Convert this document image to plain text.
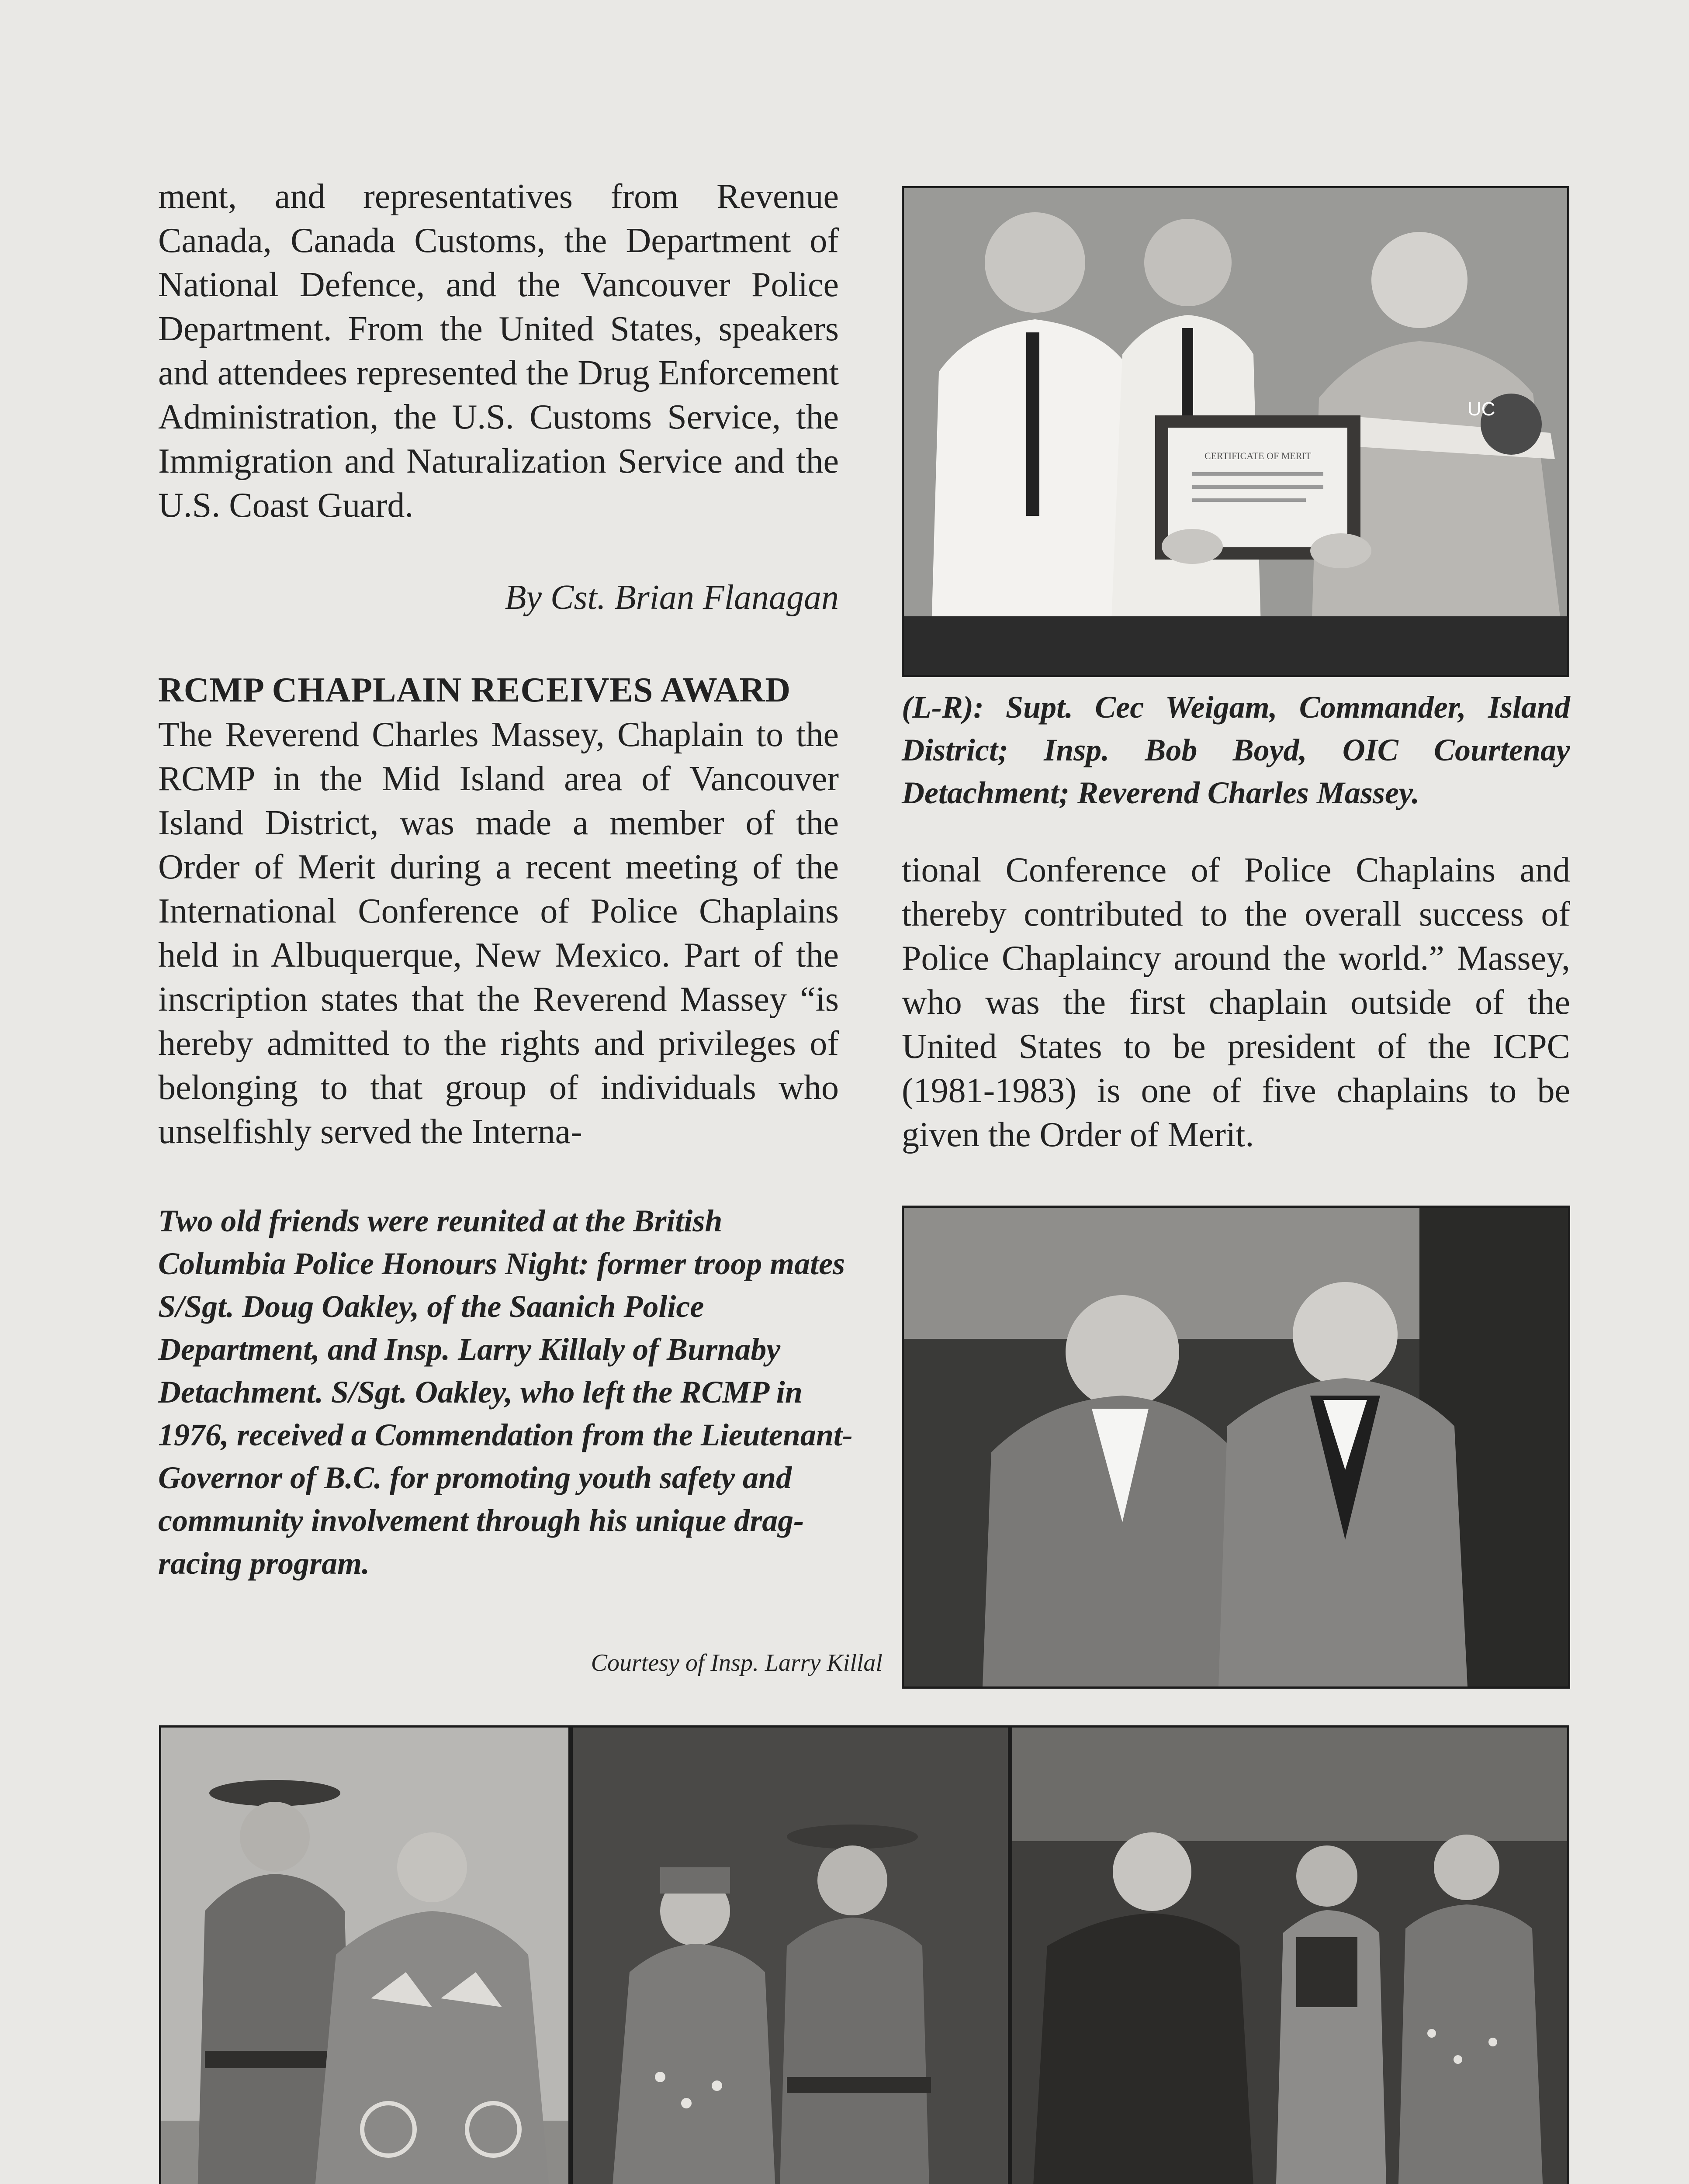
ment, and representatives from Revenue Canada, Canada Customs, the Department of National Defence, and the Vancouver Police Department. From the United States, speakers and attendees represented the Drug Enforcement Administration, the U.S. Customs Service, the Immigration and Naturalization Service and the U.S. Coast Guard.
By Cst. Brian Flanagan
RCMP CHAPLAIN RECEIVES AWARD
The Reverend Charles Massey, Chaplain to the RCMP in the Mid Island area of Vancouver Island District, was made a member of the Order of Merit during a recent meeting of the International Conference of Police Chaplains held in Albuquerque, New Mexico. Part of the inscription states that the Reverend Massey “is hereby admitted to the rights and privileges of belonging to that group of individuals who unselfishly served the Interna-
Two old friends were reunited at the British Columbia Police Honours Night: former troop mates S/Sgt. Doug Oakley, of the Saanich Police Department, and Insp. Larry Killaly of Burnaby Detachment. S/Sgt. Oakley, who left the RCMP in 1976, received a Commendation from the Lieutenant-Governor of B.C. for promoting youth safety and community involvement through his unique drag-racing program.
Courtesy of Insp. Larry Killal
UC
CERTIFICATE OF MERIT
(L-R): Supt. Cec Weigam, Commander, Island District; Insp. Bob Boyd, OIC Courtenay Detachment; Reverend Charles Massey.
tional Conference of Police Chaplains and thereby contributed to the overall success of Police Chaplaincy around the world.” Massey, who was the first chaplain outside of the United States to be president of the ICPC (1981-1983) is one of five chaplains to be given the Order of Merit.
